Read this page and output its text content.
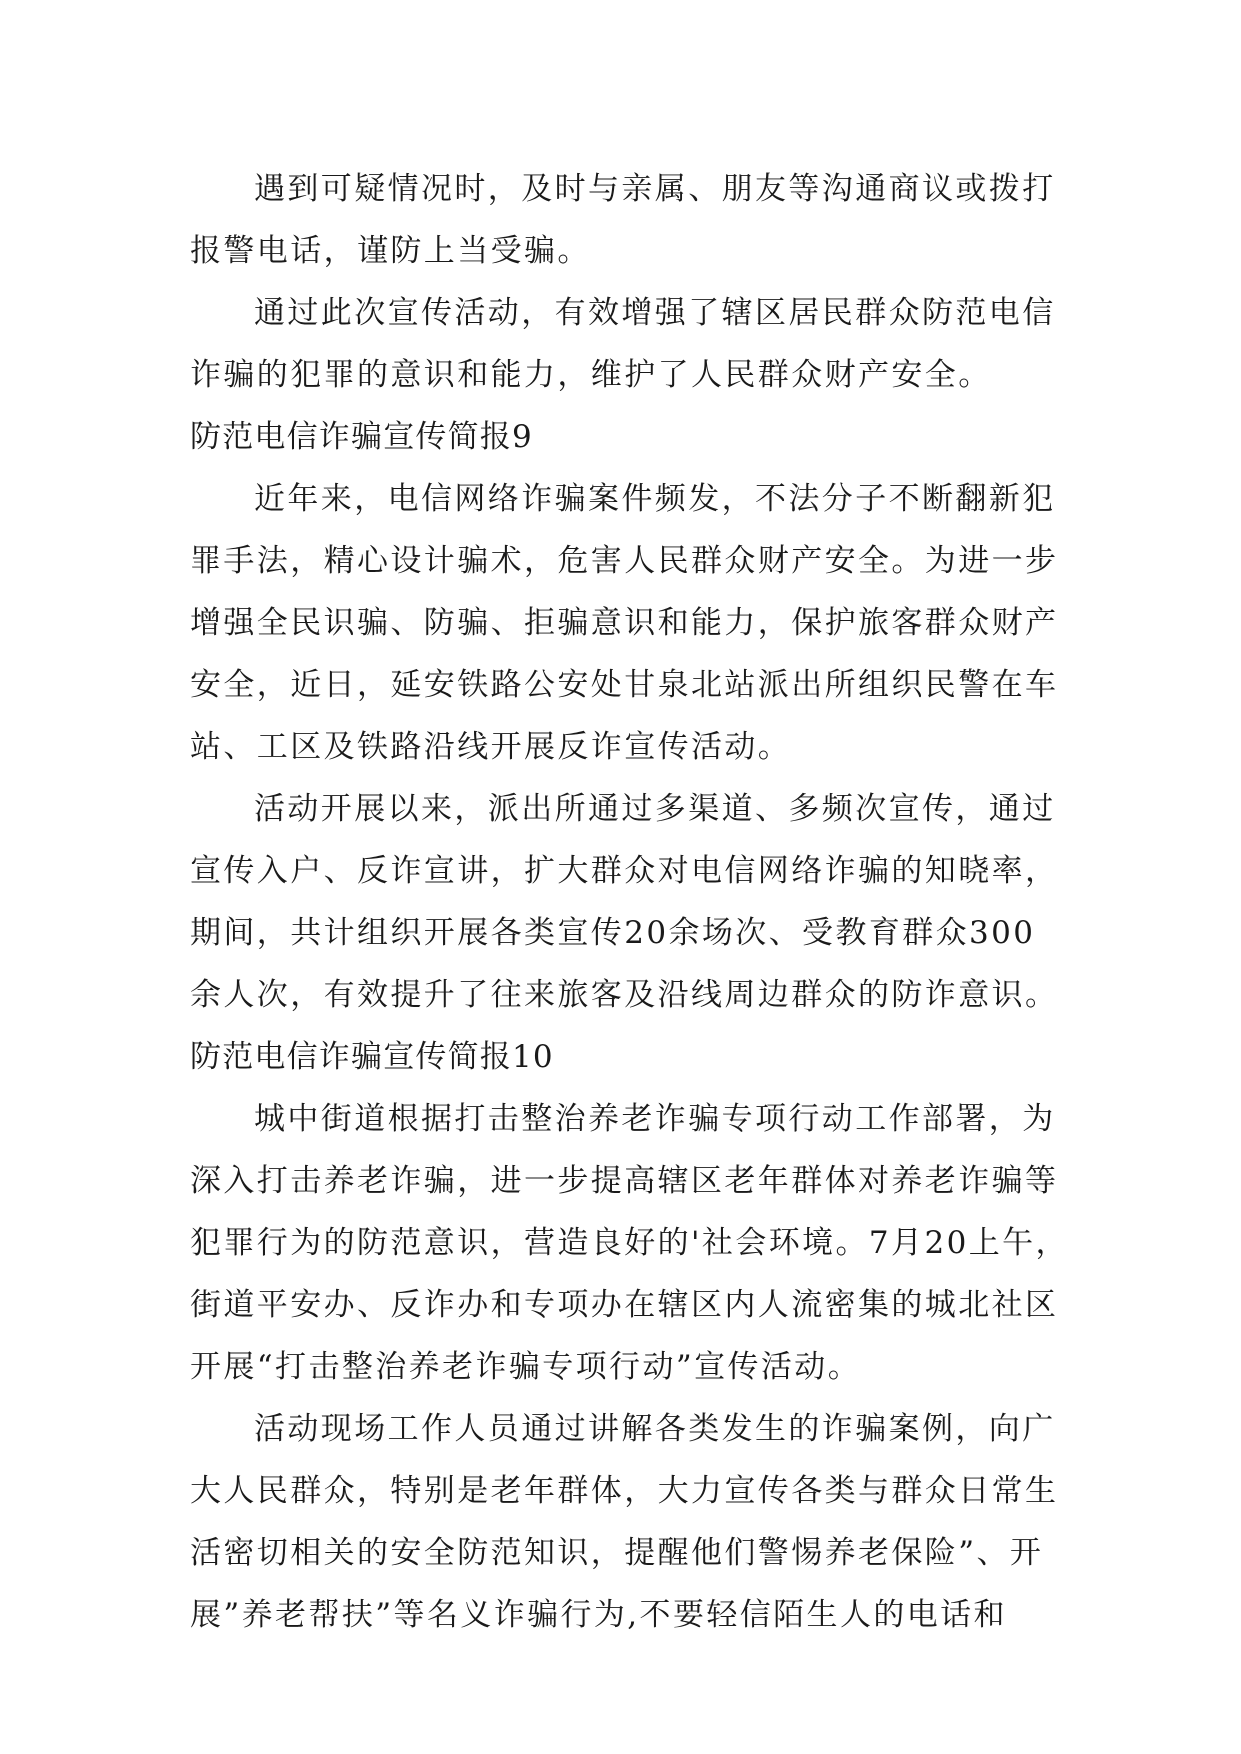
遇到可疑情况时，及时与亲属、朋友等沟通商议或拨打
报警电话，谨防上当受骗。
通过此次宣传活动，有效增强了辖区居民群众防范电信
诈骗的犯罪的意识和能力，维护了人民群众财产安全。
防范电信诈骗宣传简报9
近年来，电信网络诈骗案件频发，不法分子不断翻新犯
罪手法，精心设计骗术，危害人民群众财产安全。为进一步
增强全民识骗、防骗、拒骗意识和能力，保护旅客群众财产
安全，近日，延安铁路公安处甘泉北站派出所组织民警在车
站、工区及铁路沿线开展反诈宣传活动。
活动开展以来，派出所通过多渠道、多频次宣传，通过
宣传入户、反诈宣讲，扩大群众对电信网络诈骗的知晓率，
期间，共计组织开展各类宣传20余场次、受教育群众300
余人次，有效提升了往来旅客及沿线周边群众的防诈意识。
防范电信诈骗宣传简报10
城中街道根据打击整治养老诈骗专项行动工作部署，为
深入打击养老诈骗，进一步提高辖区老年群体对养老诈骗等
犯罪行为的防范意识，营造良好的'社会环境。7月20上午，
街道平安办、反诈办和专项办在辖区内人流密集的城北社区
开展“打击整治养老诈骗专项行动”宣传活动。
活动现场工作人员通过讲解各类发生的诈骗案例，向广
大人民群众，特别是老年群体，大力宣传各类与群众日常生
活密切相关的安全防范知识，提醒他们警惕养老保险”、开
展”养老帮扶”等名义诈骗行为,不要轻信陌生人的电话和
